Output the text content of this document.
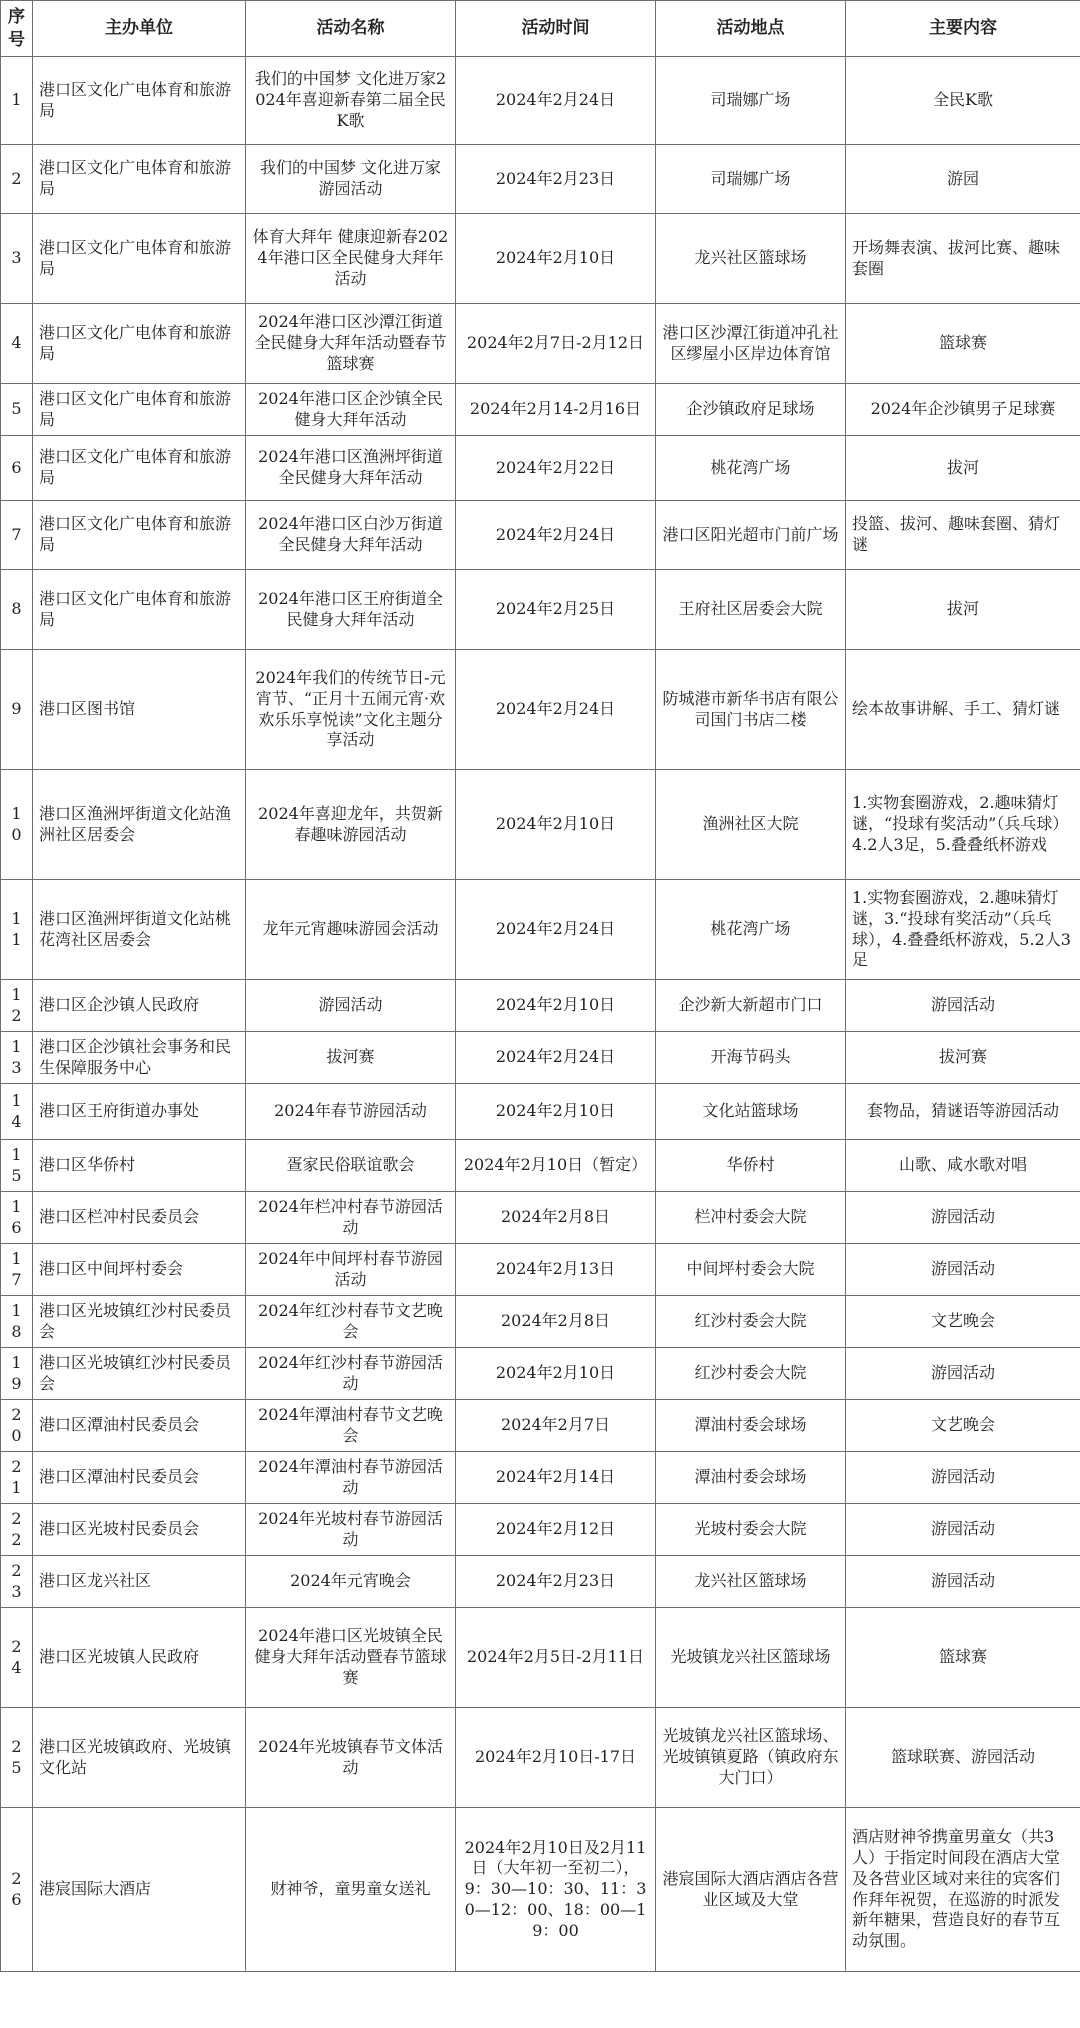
序号	主办单位	活动名称	活动时间	活动地点	主要内容
1	港口区文化广电体育和旅游局	我们的中国梦 文化进万家2024年喜迎新春第二届全民K歌	2024年2月24日	司瑞娜广场	全民K歌
2	港口区文化广电体育和旅游局	我们的中国梦 文化进万家游园活动	2024年2月23日	司瑞娜广场	游园
3	港口区文化广电体育和旅游局	体育大拜年 健康迎新春2024年港口区全民健身大拜年活动	2024年2月10日	龙兴社区篮球场	开场舞表演、拔河比赛、趣味套圈
4	港口区文化广电体育和旅游局	2024年港口区沙潭江街道全民健身大拜年活动暨春节篮球赛	2024年2月7日-2月12日	港口区沙潭江街道冲孔社区缪屋小区岸边体育馆	篮球赛
5	港口区文化广电体育和旅游局	2024年港口区企沙镇全民健身大拜年活动	2024年2月14-2月16日	企沙镇政府足球场	2024年企沙镇男子足球赛
6	港口区文化广电体育和旅游局	2024年港口区渔洲坪街道全民健身大拜年活动	2024年2月22日	桃花湾广场	拔河
7	港口区文化广电体育和旅游局	2024年港口区白沙万街道全民健身大拜年活动	2024年2月24日	港口区阳光超市门前广场	投篮、拔河、趣味套圈、猜灯谜
8	港口区文化广电体育和旅游局	2024年港口区王府街道全民健身大拜年活动	2024年2月25日	王府社区居委会大院	拔河
9	港口区图书馆	2024年我们的传统节日-元宵节、“正月十五闹元宵·欢欢乐乐享悦读”文化主题分享活动	2024年2月24日	防城港市新华书店有限公司国门书店二楼	绘本故事讲解、手工、猜灯谜
10	港口区渔洲坪街道文化站渔洲社区居委会	2024年喜迎龙年，共贺新春趣味游园活动	2024年2月10日	渔洲社区大院	1.实物套圈游戏，2.趣味猜灯谜，“投球有奖活动”（兵乓球）4.2人3足，5.叠叠纸杯游戏
11	港口区渔洲坪街道文化站桃花湾社区居委会	龙年元宵趣味游园会活动	2024年2月24日	桃花湾广场	1.实物套圈游戏，2.趣味猜灯谜，3.“投球有奖活动”（兵乓球），4.叠叠纸杯游戏，5.2人3足
12	港口区企沙镇人民政府	游园活动	2024年2月10日	企沙新大新超市门口	游园活动
13	港口区企沙镇社会事务和民生保障服务中心	拔河赛	2024年2月24日	开海节码头	拔河赛
14	港口区王府街道办事处	2024年春节游园活动	2024年2月10日	文化站篮球场	套物品，猜谜语等游园活动
15	港口区华侨村	疍家民俗联谊歌会	2024年2月10日（暂定）	华侨村	山歌、咸水歌对唱
16	港口区栏冲村民委员会	2024年栏冲村春节游园活动	2024年2月8日	栏冲村委会大院	游园活动
17	港口区中间坪村委会	2024年中间坪村春节游园活动	2024年2月13日	中间坪村委会大院	游园活动
18	港口区光坡镇红沙村民委员会	2024年红沙村春节文艺晚会	2024年2月8日	红沙村委会大院	文艺晚会
19	港口区光坡镇红沙村民委员会	2024年红沙村春节游园活动	2024年2月10日	红沙村委会大院	游园活动
20	港口区潭油村民委员会	2024年潭油村春节文艺晚会	2024年2月7日	潭油村委会球场	文艺晚会
21	港口区潭油村民委员会	2024年潭油村春节游园活动	2024年2月14日	潭油村委会球场	游园活动
22	港口区光坡村民委员会	2024年光坡村春节游园活动	2024年2月12日	光坡村委会大院	游园活动
23	港口区龙兴社区	2024年元宵晚会	2024年2月23日	龙兴社区篮球场	游园活动
24	港口区光坡镇人民政府	2024年港口区光坡镇全民健身大拜年活动暨春节篮球赛	2024年2月5日-2月11日	光坡镇龙兴社区篮球场	篮球赛
25	港口区光坡镇政府、光坡镇文化站	2024年光坡镇春节文体活动	2024年2月10日-17日	光坡镇龙兴社区篮球场、光坡镇镇夏路（镇政府东大门口）	篮球联赛、游园活动
26	港宸国际大酒店	财神爷，童男童女送礼	2024年2月10日及2月11日（大年初一至初二），9：30—10：30、11：30—12：00、18：00—19：00	港宸国际大酒店酒店各营业区域及大堂	酒店财神爷携童男童女（共3人）于指定时间段在酒店大堂及各营业区域对来往的宾客们作拜年祝贺，在巡游的时派发新年糖果，营造良好的春节互动氛围。
